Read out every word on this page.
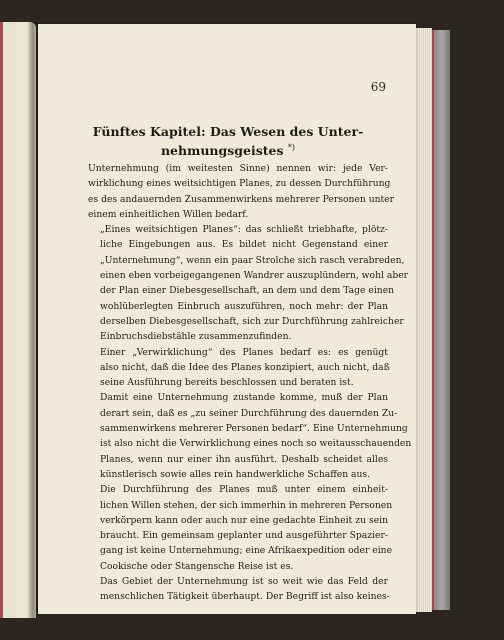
69
Fünftes Kapitel: Das Wesen des Unter-
nehmungsgeistes *)

Unternehmung (im weitesten Sinne) nennen wir: jede Ver-
wirklichung eines weitsichtigen Planes, zu dessen Durchführung
es des andauernden Zusammenwirkens mehrerer Personen unter
einem einheitlichen Willen bedarf.

„Eines weitsichtigen Planes“: das schließt triebhafte, plötz-
liche Eingebungen aus. Es bildet nicht Gegenstand einer
„Unternehmung“, wenn ein paar Strolche sich rasch verabreden,
einen eben vorbeigegangenen Wandrer auszuplündern, wohl aber
der Plan einer Diebesgesellschaft, an dem und dem Tage einen
wohlüberlegten Einbruch auszuführen, noch mehr: der Plan
derselben Diebesgesellschaft, sich zur Durchführung zahlreicher
Einbruchsdiebstähle zusammenzufinden.

Einer „Verwirklichung“ des Planes bedarf es: es genügt
also nicht, daß die Idee des Planes konzipiert, auch nicht, daß
seine Ausführung bereits beschlossen und beraten ist.

Damit eine Unternehmung zustande komme, muß der Plan
derart sein, daß es „zu seiner Durchführung des dauernden Zu-
sammenwirkens mehrerer Personen bedarf“. Eine Unternehmung
ist also nicht die Verwirklichung eines noch so weitausschauenden
Planes, wenn nur einer ihn ausführt. Deshalb scheidet alles
künstlerisch sowie alles rein handwerkliche Schaffen aus.

Die Durchführung des Planes muß unter einem einheit-
lichen Willen stehen, der sich immerhin in mehreren Personen
verkörpern kann oder auch nur eine gedachte Einheit zu sein
braucht. Ein gemeinsam geplanter und ausgeführter Spazier-
gang ist keine Unternehmung; eine Afrikaexpedition oder eine
Cookische oder Stangensche Reise ist es.

Das Gebiet der Unternehmung ist so weit wie das Feld der
menschlichen Tätigkeit überhaupt. Der Begriff ist also keines-
